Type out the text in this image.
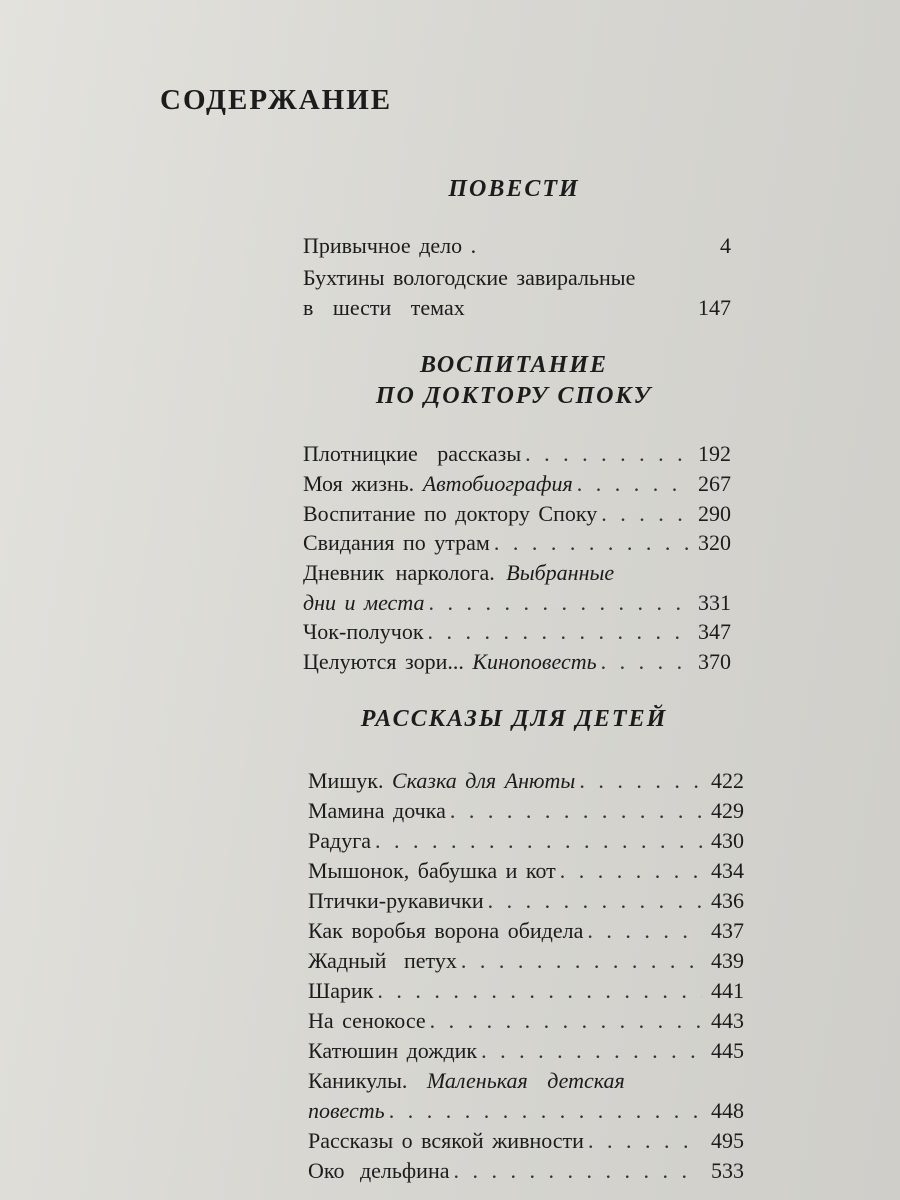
СОДЕРЖАНИЕ
ПОВЕСТИ
Привычное дело .	4
Бухтины вологодские завиральные
в шести темах	147
ВОСПИТАНИЕ
ПО ДОКТОРУ СПОКУ
Плотницкие рассказы . . .	192
Моя жизнь. Автобиография . . .	267
Воспитание по доктору Споку . . .	290
Свидания по утрам . . .	320
Дневник нарколога. Выбранные
дни и места . . .	331
Чок-получок . . .	347
Целуются зори... Киноповесть . . .	370
РАССКАЗЫ ДЛЯ ДЕТЕЙ
Мишук. Сказка для Анюты . . .	422
Мамина дочка . . .	429
Радуга . . .	430
Мышонок, бабушка и кот . . .	434
Птички-рукавички . . .	436
Как воробья ворона обидела . . .	437
Жадный петух . . .	439
Шарик . . .	441
На сенокосе . . .	443
Катюшин дождик . . .	445
Каникулы. Маленькая детская
повесть . . .	448
Рассказы о всякой живности . . .	495
Око дельфина . . .	533
